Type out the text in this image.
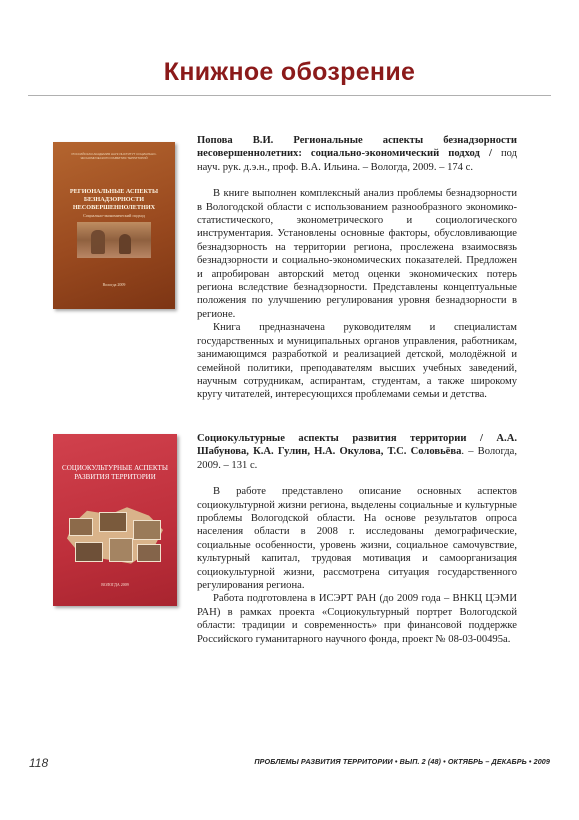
Книжное обозрение
РОССИЙСКАЯ АКАДЕМИЯ НАУК ИНСТИТУТ СОЦИАЛЬНО-ЭКОНОМИЧЕСКОГО РАЗВИТИЯ ТЕРРИТОРИЙ
РЕГИОНАЛЬНЫЕ АСПЕКТЫ БЕЗНАДЗОРНОСТИ НЕСОВЕРШЕННОЛЕТНИХ
Социально-экономический подход
Вологда 2009

Попова В.И. Региональные аспекты безнадзорности несовершеннолетних: социально-экономический подход / под науч. рук. д.э.н., проф. В.А. Ильина. – Вологда, 2009. – 174 с.

В книге выполнен комплексный анализ проблемы безнадзорности в Вологодской области с использованием разнообразного экономико-статистического, эконометрического и социологического инструментария. Установлены основные факторы, обусловливающие безнадзорность на территории региона, прослежена взаимосвязь безнадзорности и социально-экономических показателей. Предложен и апробирован авторский метод оценки экономических потерь региона вследствие безнадзорности. Представлены концептуальные положения по улучшению регулирования уровня безнадзорности в регионе.

Книга предназначена руководителям и специалистам государственных и муниципальных органов управления, работникам, занимающимся разработкой и реализацией детской, молодёжной и семейной политики, преподавателям высших учебных заведений, научным сотрудникам, аспирантам, студентам, а также широкому кругу читателей, интересующихся проблемами семьи и детства.

СОЦИОКУЛЬТУРНЫЕ АСПЕКТЫ РАЗВИТИЯ ТЕРРИТОРИИ
ВОЛОГДА 2009

Социокультурные аспекты развития территории / А.А. Шабунова, К.А. Гулин, Н.А. Окулова, Т.С. Соловьёва. – Вологда, 2009. – 131 с.

В работе представлено описание основных аспектов социокультурной жизни региона, выделены социальные и культурные проблемы Вологодской области. На основе результатов опроса населения области в 2008 г. исследованы демографические, социальные особенности, уровень жизни, социальное самочувствие, культурный капитал, трудовая мотивация и самоорганизация социокультурной жизни, рассмотрена ситуация государственного регулирования региона.

Работа подготовлена в ИСЭРТ РАН (до 2009 года – ВНКЦ ЦЭМИ РАН) в рамках проекта «Социокультурный портрет Вологодской области: традиции и современность» при финансовой поддержке Российского гуманитарного научного фонда, проект № 08-03-00495а.

118	ПРОБЛЕМЫ РАЗВИТИЯ ТЕРРИТОРИИ • ВЫП. 2 (48) • ОКТЯБРЬ – ДЕКАБРЬ • 2009
